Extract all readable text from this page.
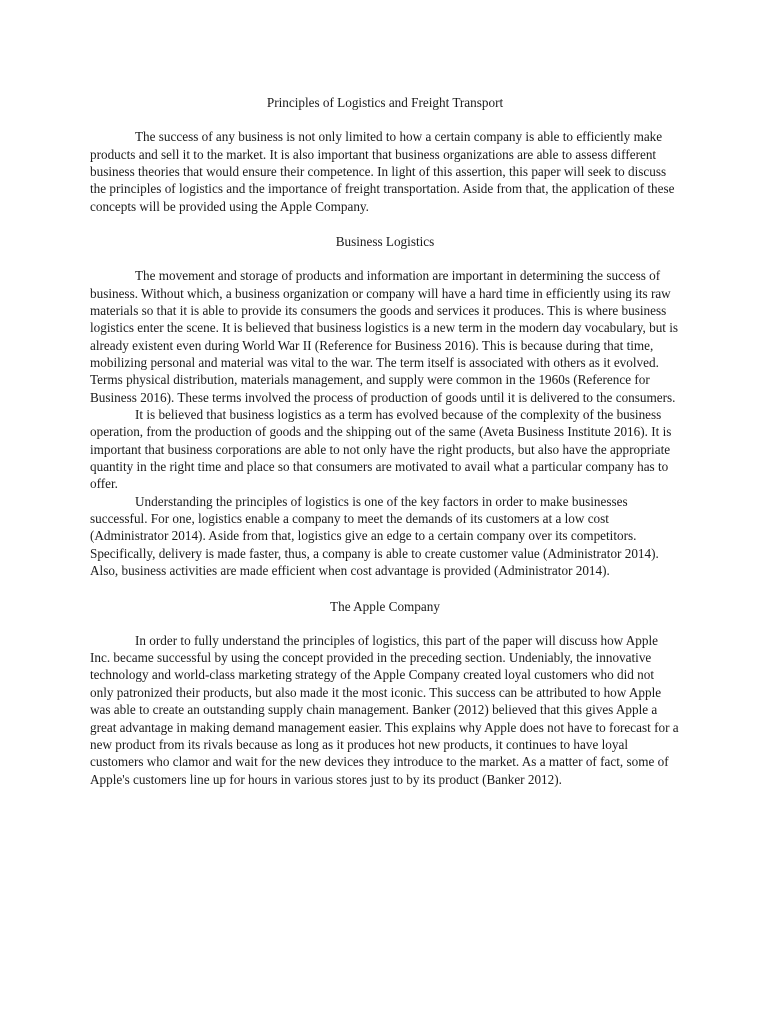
Principles of Logistics and Freight Transport

The success of any business is not only limited to how a certain company is able to efficiently make products and sell it to the market. It is also important that business organizations are able to assess different business theories that would ensure their competence. In light of this assertion, this paper will seek to discuss the principles of logistics and the importance of freight transportation. Aside from that, the application of these concepts will be provided using the Apple Company.

Business Logistics

The movement and storage of products and information are important in determining the success of business. Without which, a business organization or company will have a hard time in efficiently using its raw materials so that it is able to provide its consumers the goods and services it produces. This is where business logistics enter the scene. It is believed that business logistics is a new term in the modern day vocabulary, but is already existent even during World War II (Reference for Business 2016). This is because during that time, mobilizing personal and material was vital to the war. The term itself is associated with others as it evolved. Terms physical distribution, materials management, and supply were common in the 1960s (Reference for Business 2016). These terms involved the process of production of goods until it is delivered to the consumers.

It is believed that business logistics as a term has evolved because of the complexity of the business operation, from the production of goods and the shipping out of the same (Aveta Business Institute 2016). It is important that business corporations are able to not only have the right products, but also have the appropriate quantity in the right time and place so that consumers are motivated to avail what a particular company has to offer.

Understanding the principles of logistics is one of the key factors in order to make businesses successful. For one, logistics enable a company to meet the demands of its customers at a low cost (Administrator 2014). Aside from that, logistics give an edge to a certain company over its competitors. Specifically, delivery is made faster, thus, a company is able to create customer value (Administrator 2014). Also, business activities are made efficient when cost advantage is provided (Administrator 2014).

The Apple Company

In order to fully understand the principles of logistics, this part of the paper will discuss how Apple Inc. became successful by using the concept provided in the preceding section. Undeniably, the innovative technology and world-class marketing strategy of the Apple Company created loyal customers who did not only patronized their products, but also made it the most iconic. This success can be attributed to how Apple was able to create an outstanding supply chain management. Banker (2012) believed that this gives Apple a great advantage in making demand management easier. This explains why Apple does not have to forecast for a new product from its rivals because as long as it produces hot new products, it continues to have loyal customers who clamor and wait for the new devices they introduce to the market. As a matter of fact, some of Apple's customers line up for hours in various stores just to by its product (Banker 2012).
